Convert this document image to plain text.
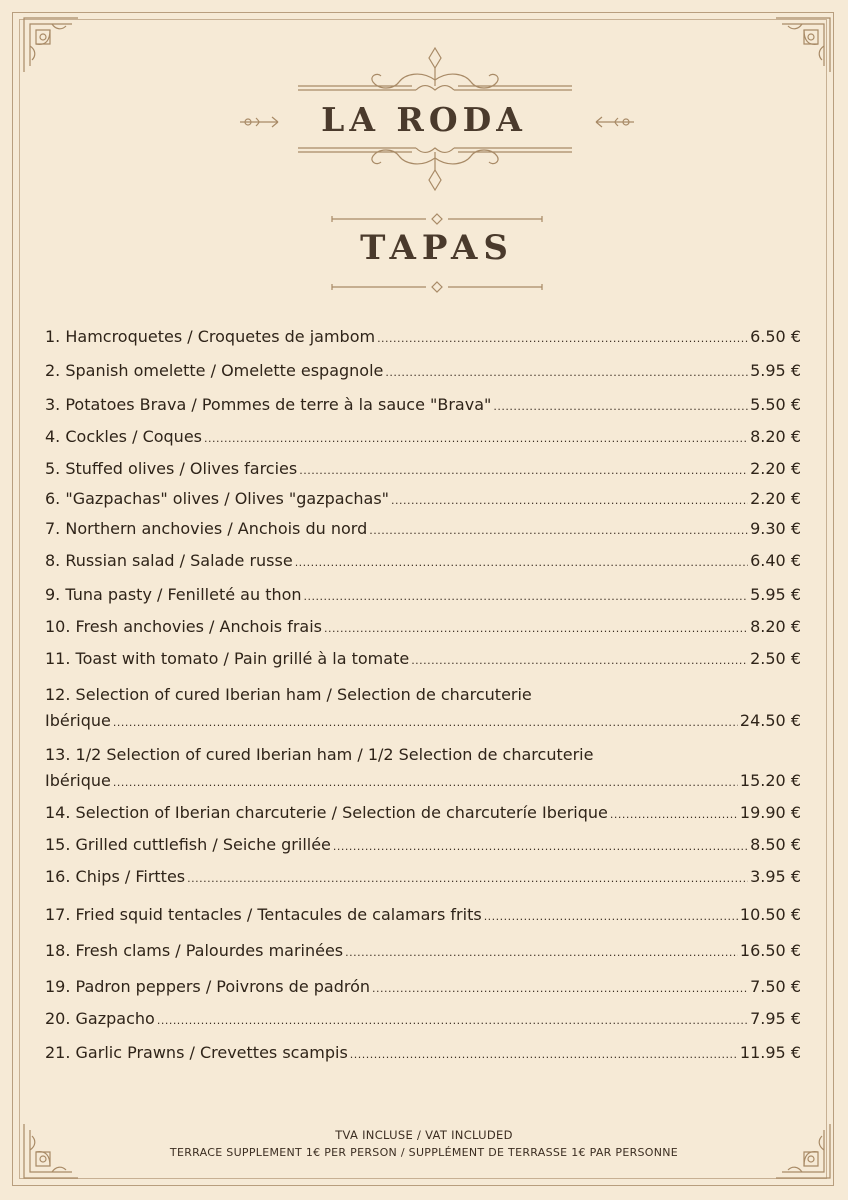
LA RODA
TAPAS
1. Hamcroquetes / Croquetes de jambom .....	6.50 €
2. Spanish omelette / Omelette espagnole .....	5.95 €
3. Potatoes Brava / Pommes de terre à la sauce "Brava" .....	5.50 €
4. Cockles / Coques .....	8.20 €
5. Stuffed olives / Olives farcies .....	2.20 €
6. "Gazpachas" olives / Olives "gazpachas" .....	2.20 €
7. Northern anchovies / Anchois du nord .....	9.30 €
8. Russian salad / Salade russe .....	6.40 €
9. Tuna pasty / Fenilleté au thon .....	5.95 €
10. Fresh anchovies / Anchois frais .....	8.20 €
11. Toast with tomato / Pain grillé à la tomate .....	2.50 €
12. Selection of cured Iberian ham / Selection de charcuterie
Ibérique .....	24.50 €
13. 1/2 Selection of cured Iberian ham / 1/2 Selection de charcuterie
Ibérique .....	15.20 €
14. Selection of Iberian charcuterie / Selection de charcuteríe Iberique .....	19.90 €
15. Grilled cuttlefish / Seiche grillée .....	8.50 €
16. Chips / Firttes .....	3.95 €
17. Fried squid tentacles / Tentacules de calamars frits .....	10.50 €
18. Fresh clams / Palourdes marinées .....	16.50 €
19. Padron peppers / Poivrons de padrón .....	7.50 €
20. Gazpacho .....	7.95 €
21. Garlic Prawns / Crevettes scampis .....	11.95 €
TVA INCLUSE / VAT INCLUDED
TERRACE SUPPLEMENT 1€ PER PERSON / SUPPLÉMENT DE TERRASSE 1€ PAR PERSONNE
